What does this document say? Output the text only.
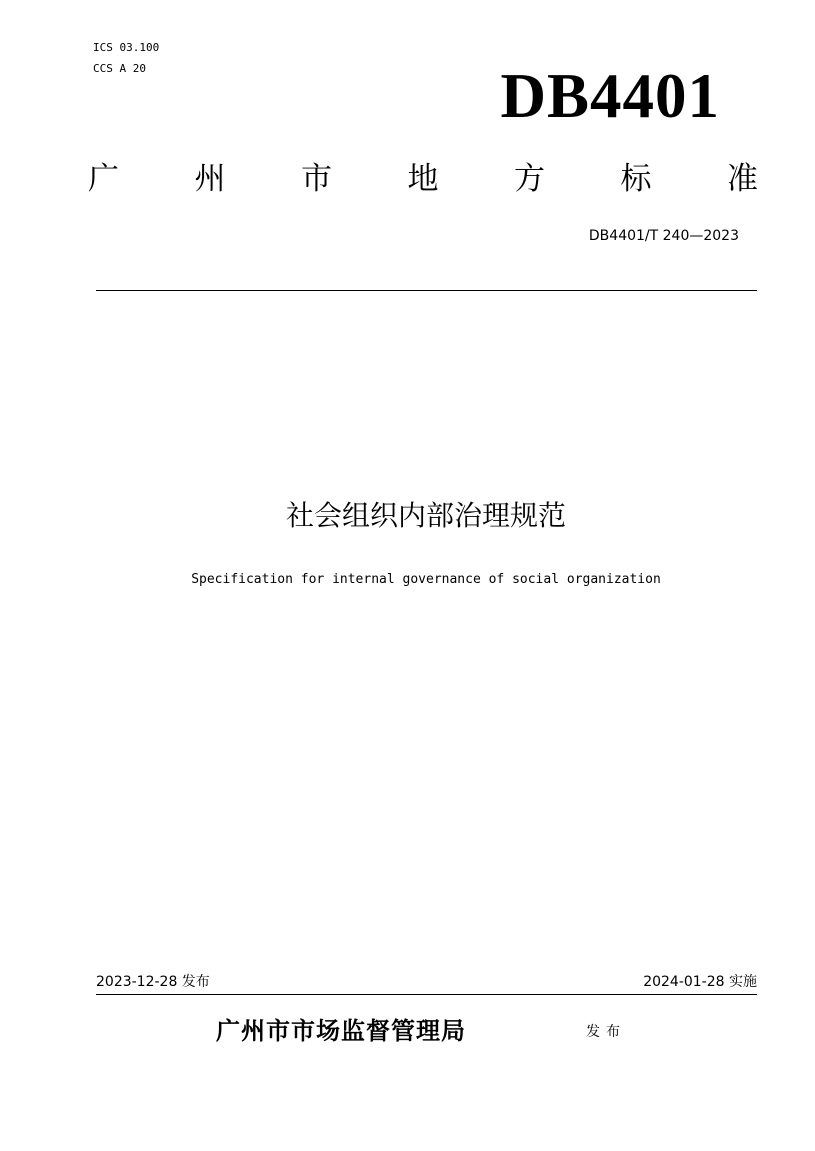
ICS 03.100
CCS A 20	DB4401
广 州 市 地 方 标 准
DB4401/T 240—2023
社会组织内部治理规范
Specification for internal governance of social organization
2023-12-28 发布	2024-01-28 实施
广州市市场监督管理局	发布
